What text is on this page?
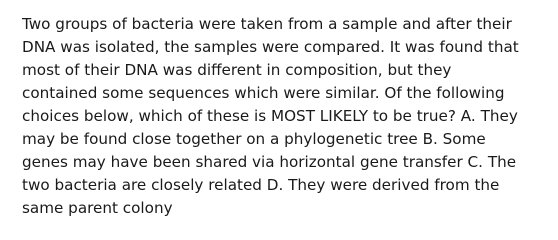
Two groups of bacteria were taken from a sample and after their
DNA was isolated, the samples were compared. It was found that
most of their DNA was different in composition, but they
contained some sequences which were similar. Of the following
choices below, which of these is MOST LIKELY to be true? A. They
may be found close together on a phylogenetic tree B. Some
genes may have been shared via horizontal gene transfer C. The
two bacteria are closely related D. They were derived from the
same parent colony
